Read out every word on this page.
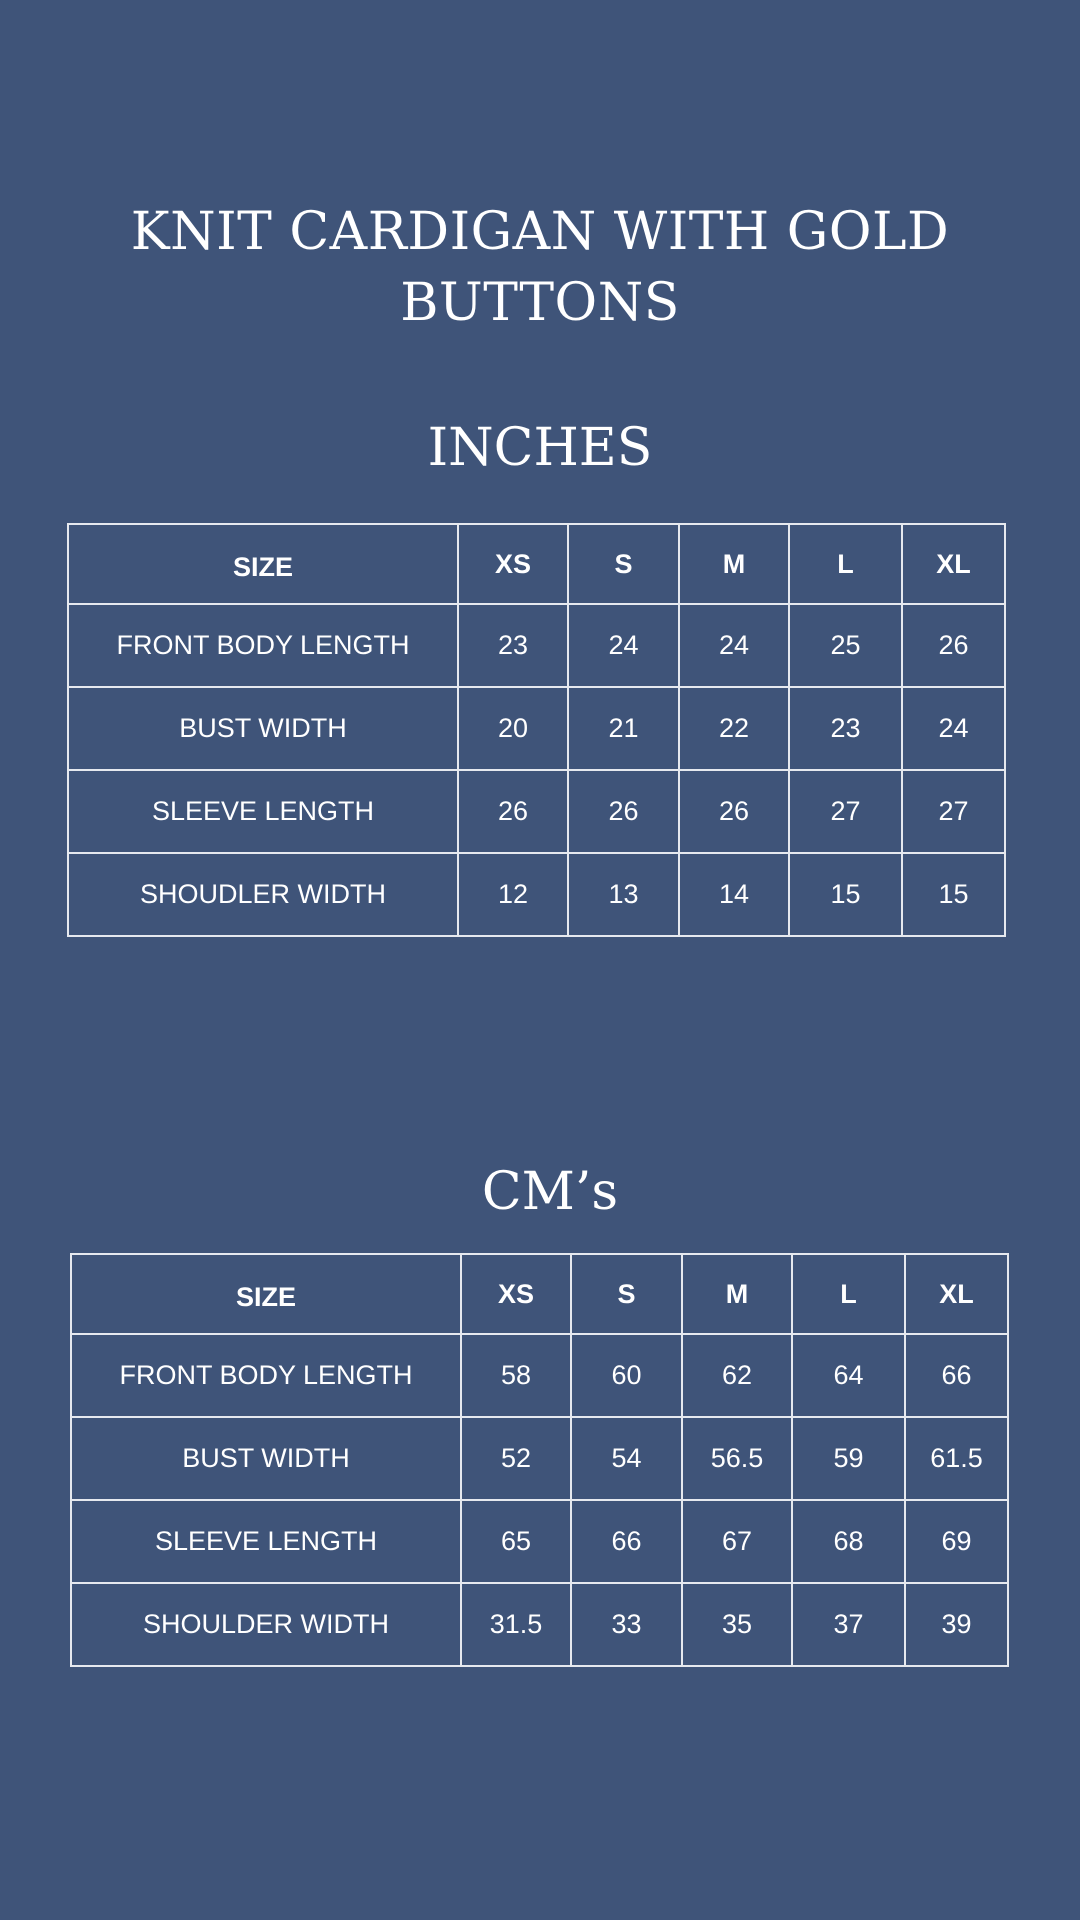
KNIT CARDIGAN WITH GOLD BUTTONS
INCHES
SIZE	XS	S	M	L	XL
FRONT BODY LENGTH	23	24	24	25	26
BUST WIDTH	20	21	22	23	24
SLEEVE LENGTH	26	26	26	27	27
SHOUDLER WIDTH	12	13	14	15	15
CM’s
SIZE	XS	S	M	L	XL
FRONT BODY LENGTH	58	60	62	64	66
BUST WIDTH	52	54	56.5	59	61.5
SLEEVE LENGTH	65	66	67	68	69
SHOULDER WIDTH	31.5	33	35	37	39
